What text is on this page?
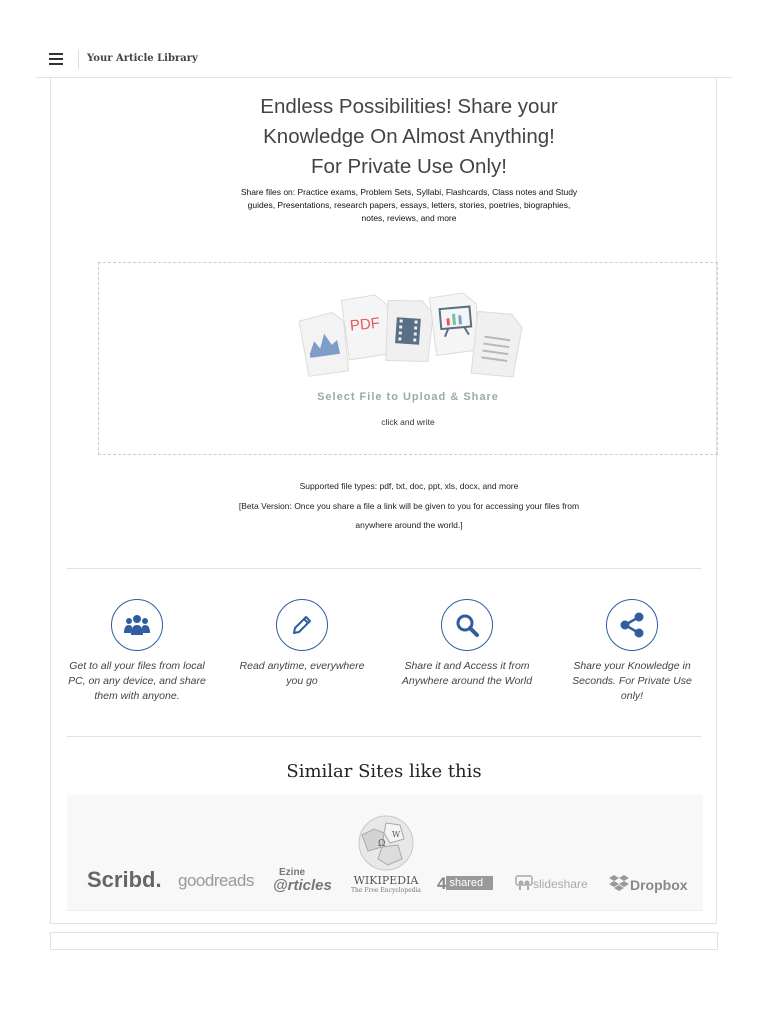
Your Article Library
Endless Possibilities! Share your
Knowledge On Almost Anything!
For Private Use Only!
Share files on: Practice exams, Problem Sets, Syllabi, Flashcards, Class notes and Study guides, Presentations, research papers, essays, letters, stories, poetries, biographies, notes, reviews, and more
PDF
Select File to Upload & Share
click and write
Supported file types: pdf, txt, doc, ppt, xls, docx, and more
[Beta Version: Once you share a file a link will be given to you for accessing your files from anywhere around the world.]
Get to all your files from local PC, on any device, and share them with anyone.
Read anytime, everywhere you go
Share it and Access it from Anywhere around the World
Share your Knowledge in Seconds. For Private Use only!
Similar Sites like this
Scribd. goodreads	Ezine
@rticles
Ω
W
WIKIPEDIA
The Free Encyclopedia 4 shared	slideshare	Dropbox
